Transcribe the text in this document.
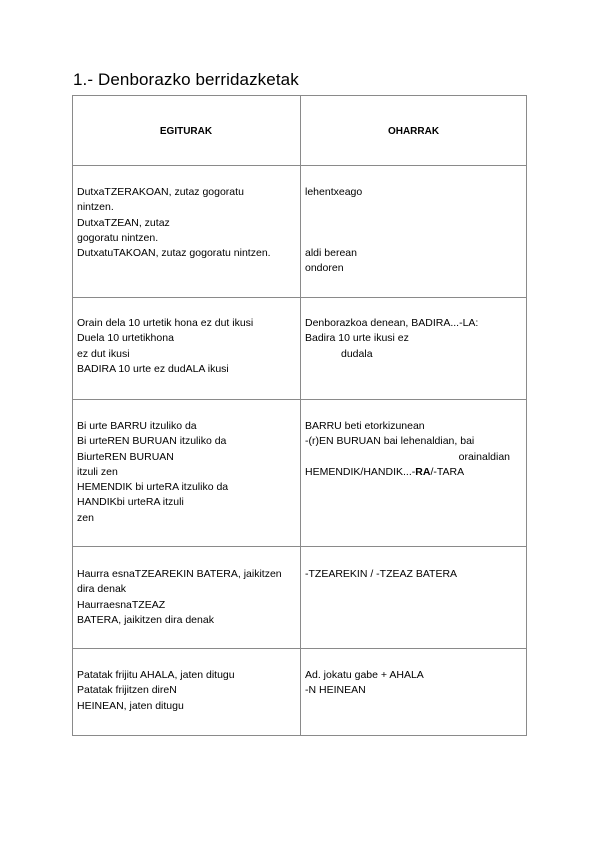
1.- Denborazko berridazketak
EGITURAK	OHARRAK
DutxaTZERAKOAN, zutaz gogoratu
nintzen.
DutxaTZEAN, zutaz
gogoratu nintzen.
DutxatuTAKOAN, zutaz gogoratu nintzen.
lehentxeago
aldi berean
ondoren
Orain dela 10 urtetik hona ez dut ikusi
Duela 10 urtetikhona
ez dut ikusi
BADIRA 10 urte ez dudALA ikusi
Denborazkoa denean, BADIRA...-LA:
Badira 10 urte ikusi ez
dudala
Bi urte BARRU itzuliko da
Bi urteREN BURUAN itzuliko da
BiurteREN BURUAN
itzuli zen
HEMENDIK bi urteRA itzuliko da
HANDIKbi urteRA itzuli
zen
BARRU beti etorkizunean
-(r)EN BURUAN bai lehenaldian, bai
orainaldian
HEMENDIK/HANDIK...-RA/-TARA
Haurra esnaTZEAREKIN BATERA, jaikitzen
dira denak
HaurraesnaTZEAZ
BATERA, jaikitzen dira denak
-TZEAREKIN / -TZEAZ BATERA
Patatak frijitu AHALA, jaten ditugu
Patatak frijitzen direN
HEINEAN, jaten ditugu
Ad. jokatu gabe + AHALA
-N HEINEAN
